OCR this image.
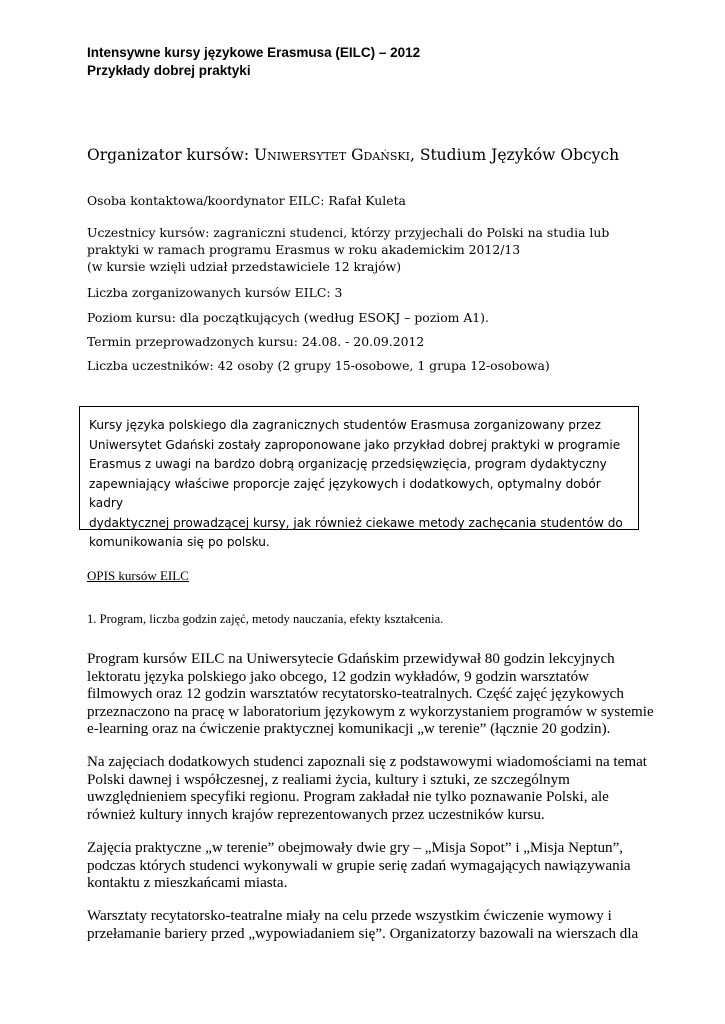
Intensywne kursy językowe Erasmusa (EILC) – 2012
Przykłady dobrej praktyki
Organizator kursów: Uniwersytet Gdański, Studium Języków Obcych
Osoba kontaktowa/koordynator EILC: Rafał Kuleta
Uczestnicy kursów: zagraniczni studenci, którzy przyjechali do Polski na studia lub
praktyki w ramach programu Erasmus w roku akademickim 2012/13
(w kursie wzięli udział przedstawiciele 12 krajów)
Liczba zorganizowanych kursów EILC: 3
Poziom kursu: dla początkujących (według ESOKJ – poziom A1).
Termin przeprowadzonych kursu: 24.08. - 20.09.2012
Liczba uczestników: 42 osoby (2 grupy 15-osobowe, 1 grupa 12-osobowa)
Kursy języka polskiego dla zagranicznych studentów Erasmusa zorganizowany przez
Uniwersytet Gdański zostały zaproponowane jako przykład dobrej praktyki w programie
Erasmus z uwagi na bardzo dobrą organizację przedsięwzięcia, program dydaktyczny
zapewniający właściwe proporcje zajęć językowych i dodatkowych, optymalny dobór kadry
dydaktycznej prowadzącej kursy, jak również ciekawe metody zachęcania studentów do
komunikowania się po polsku.
OPIS kursów EILC
1. Program, liczba godzin zajęć, metody nauczania, efekty kształcenia.
Program kursów EILC na Uniwersytecie Gdańskim przewidywał 80 godzin lekcyjnych
lektoratu języka polskiego jako obcego, 12 godzin wykładów, 9 godzin warsztatów
filmowych oraz 12 godzin warsztatów recytatorsko-teatralnych. Część zajęć językowych
przeznaczono na pracę w laboratorium językowym z wykorzystaniem programów w systemie
e-learning oraz na ćwiczenie praktycznej komunikacji „w terenie” (łącznie 20 godzin).
Na zajęciach dodatkowych studenci zapoznali się z podstawowymi wiadomościami na temat
Polski dawnej i współczesnej, z realiami życia, kultury i sztuki, ze szczególnym
uwzględnieniem specyfiki regionu. Program zakładał nie tylko poznawanie Polski, ale
również kultury innych krajów reprezentowanych przez uczestników kursu.
Zajęcia praktyczne „w terenie” obejmowały dwie gry – „Misja Sopot” i „Misja Neptun”,
podczas których studenci wykonywali w grupie serię zadań wymagających nawiązywania
kontaktu z mieszkańcami miasta.
Warsztaty recytatorsko-teatralne miały na celu przede wszystkim ćwiczenie wymowy i
przełamanie bariery przed „wypowiadaniem się”. Organizatorzy bazowali na wierszach dla
